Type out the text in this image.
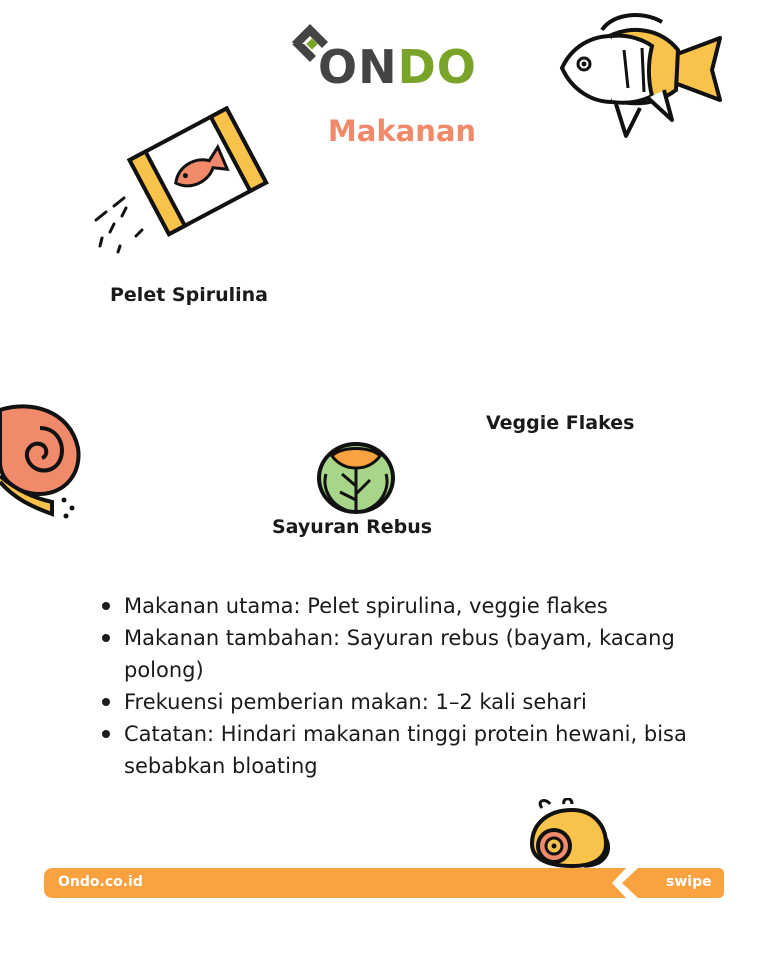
ONDO
Makanan
Pelet Spirulina
Veggie Flakes
Sayuran Rebus
Makanan utama: Pelet spirulina, veggie flakes
Makanan tambahan: Sayuran rebus (bayam, kacang polong)
Frekuensi pemberian makan: 1–2 kali sehari
Catatan: Hindari makanan tinggi protein hewani, bisa sebabkan bloating
Ondo.co.id	swipe
